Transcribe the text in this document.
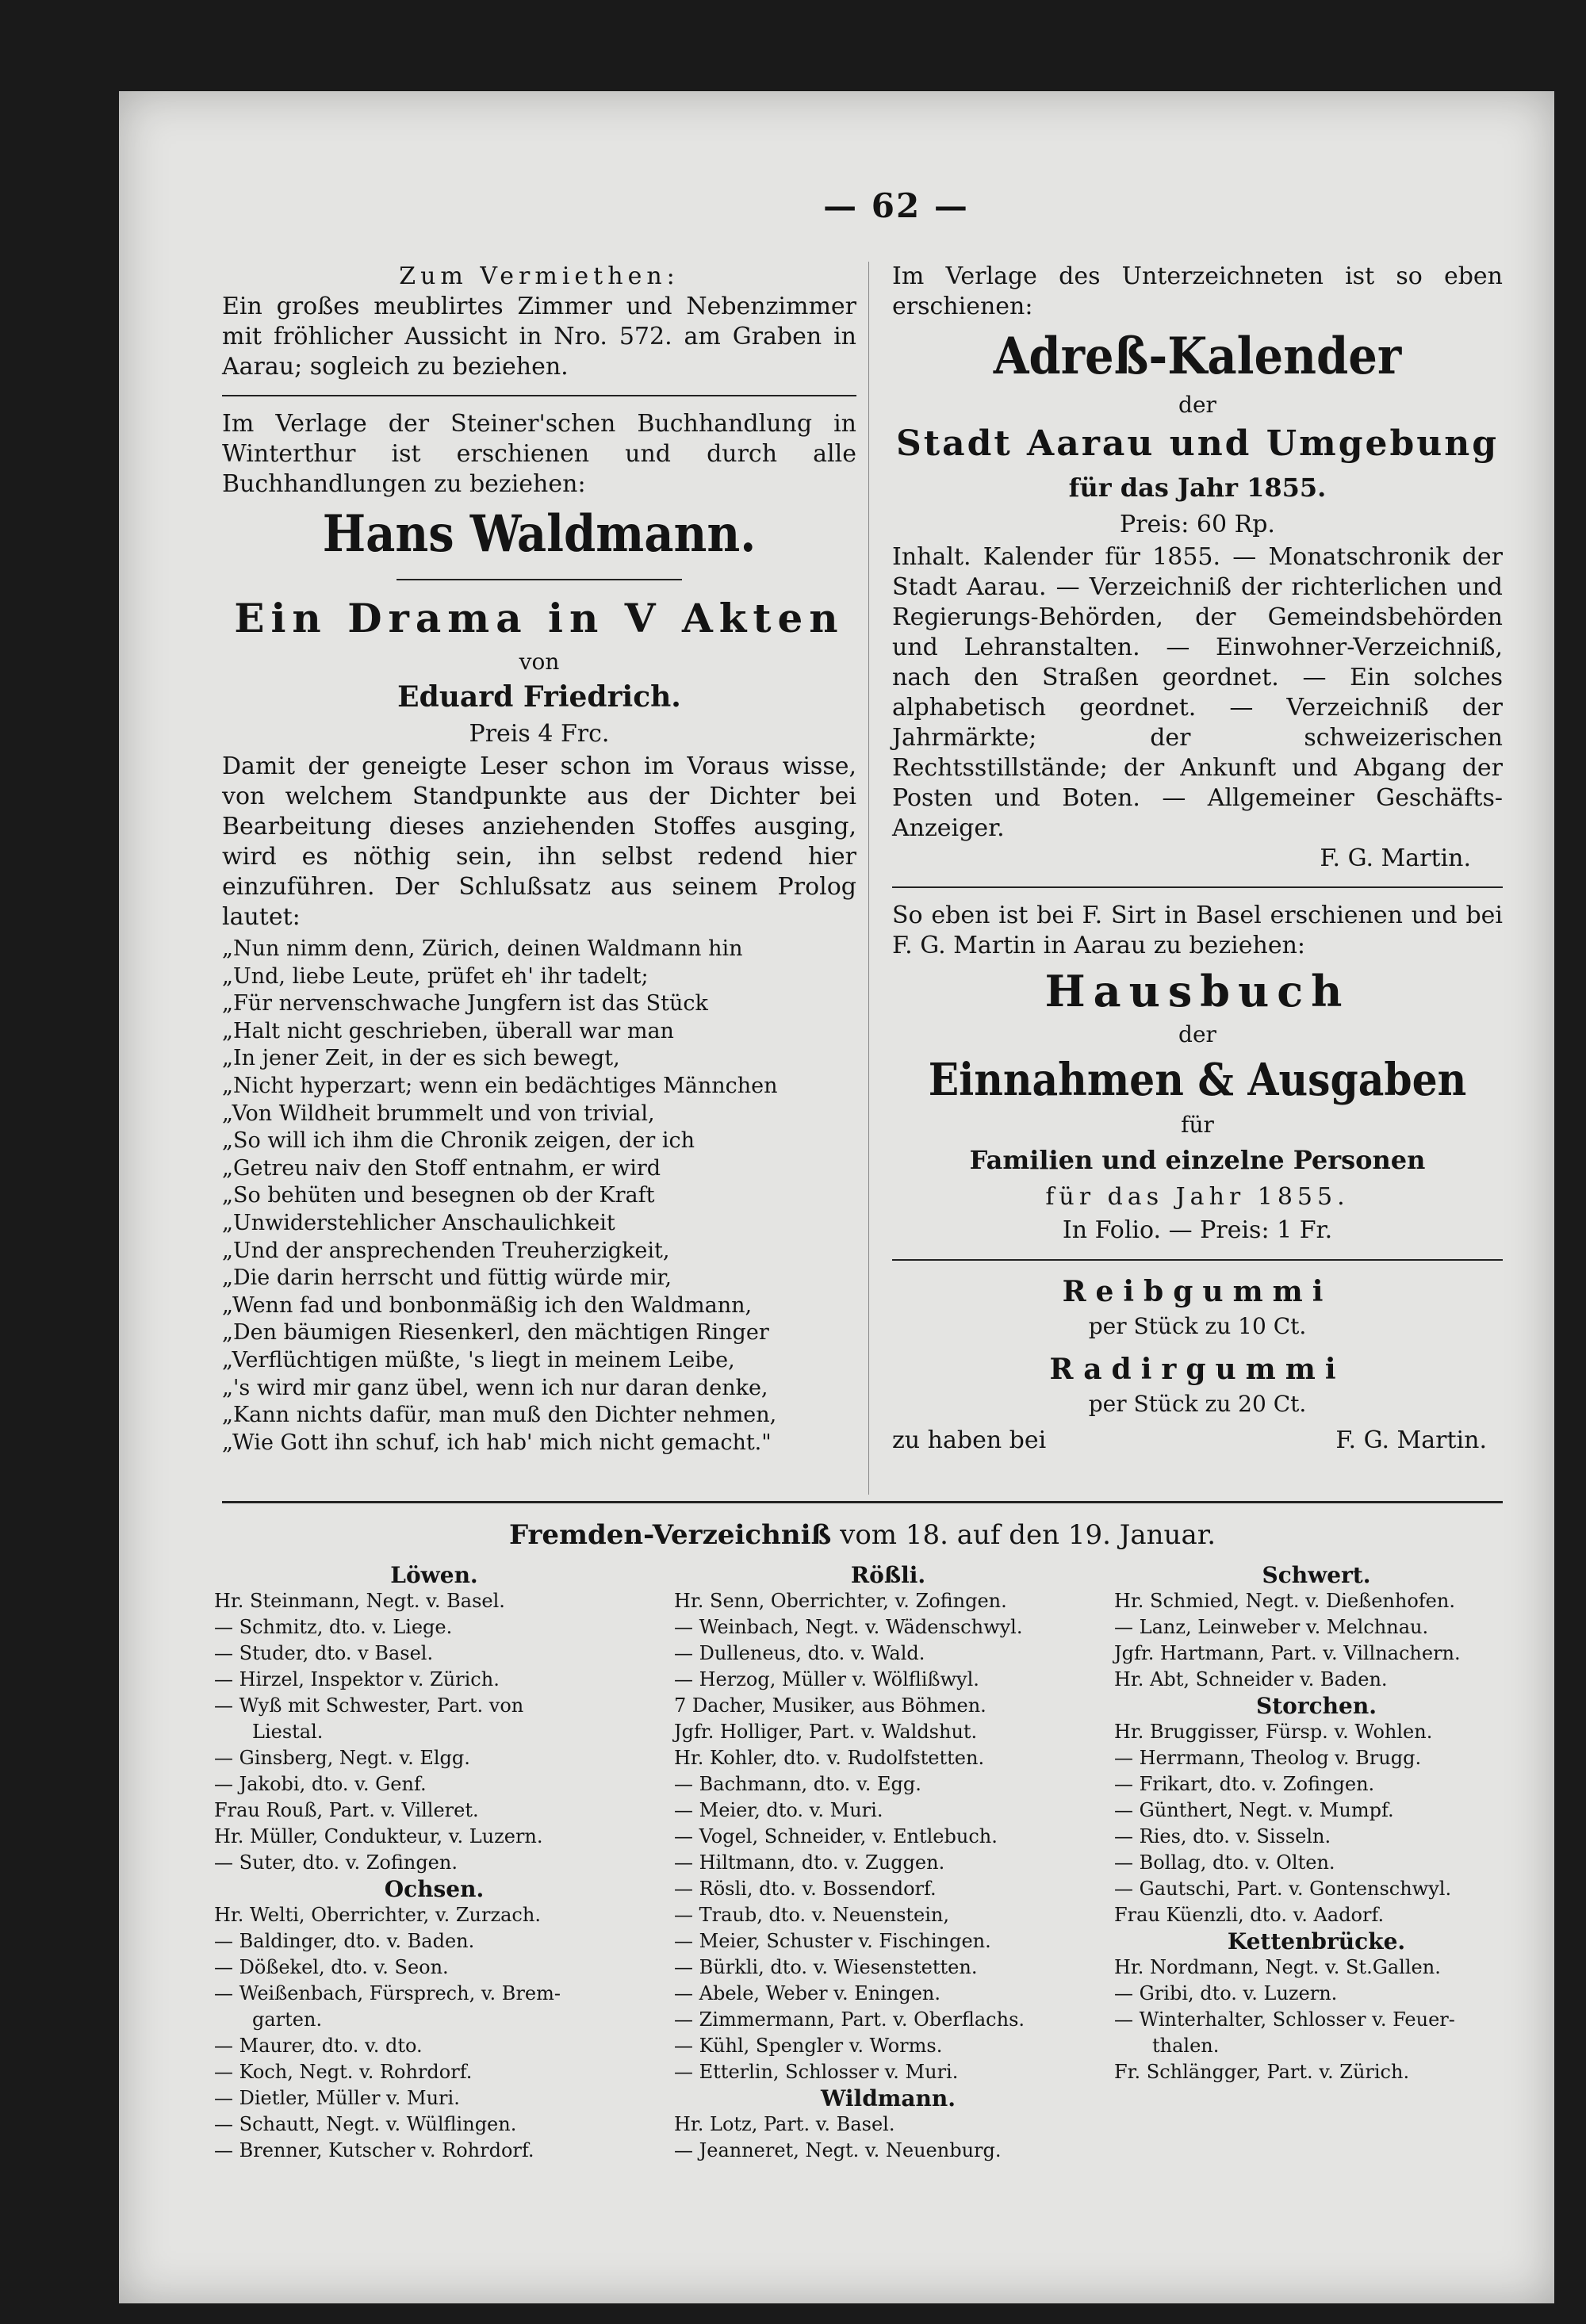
— 62 —
Zum Vermiethen:

Ein großes meublirtes Zimmer und Nebenzimmer mit fröhlicher Aussicht in Nro. 572. am Graben in Aarau; sogleich zu beziehen.

Im Verlage der Steiner'schen Buchhandlung in Winterthur ist erschienen und durch alle Buchhandlungen zu beziehen:

Hans Waldmann.
Ein Drama in V Akten
von
Eduard Friedrich.
Preis 4 Frc.

Damit der geneigte Leser schon im Voraus wisse, von welchem Standpunkte aus der Dichter bei Bearbeitung dieses anziehenden Stoffes ausging, wird es nöthig sein, ihn selbst redend hier einzuführen. Der Schlußsatz aus seinem Prolog lautet:

„Nun nimm denn, Zürich, deinen Waldmann hin
„Und, liebe Leute, prüfet eh' ihr tadelt;
„Für nervenschwache Jungfern ist das Stück
„Halt nicht geschrieben, überall war man
„In jener Zeit, in der es sich bewegt,
„Nicht hyperzart; wenn ein bedächtiges Männchen
„Von Wildheit brummelt und von trivial,
„So will ich ihm die Chronik zeigen, der ich
„Getreu naiv den Stoff entnahm, er wird
„So behüten und besegnen ob der Kraft
„Unwiderstehlicher Anschaulichkeit
„Und der ansprechenden Treuherzigkeit,
„Die darin herrscht und füttig würde mir,
„Wenn fad und bonbonmäßig ich den Waldmann,
„Den bäumigen Riesenkerl, den mächtigen Ringer
„Verflüchtigen müßte, 's liegt in meinem Leibe,
„'s wird mir ganz übel, wenn ich nur daran denke,
„Kann nichts dafür, man muß den Dichter nehmen,
„Wie Gott ihn schuf, ich hab' mich nicht gemacht."

Im Verlage des Unterzeichneten ist so eben erschienen:

Adreß-Kalender
der
Stadt Aarau und Umgebung
für das Jahr 1855.
Preis: 60 Rp.

Inhalt. Kalender für 1855. — Monatschronik der Stadt Aarau. — Verzeichniß der richterlichen und Regierungs-Behörden, der Gemeindsbehörden und Lehranstalten. — Einwohner-Verzeichniß, nach den Straßen geordnet. — Ein solches alphabetisch geordnet. — Verzeichniß der Jahrmärkte; der schweizerischen Rechtsstillstände; der Ankunft und Abgang der Posten und Boten. — Allgemeiner Geschäfts-Anzeiger.

F. G. Martin.

So eben ist bei F. Sirt in Basel erschienen und bei F. G. Martin in Aarau zu beziehen:

Hausbuch
der
Einnahmen & Ausgaben
für
Familien und einzelne Personen
für das Jahr 1855.
In Folio. — Preis: 1 Fr.
Reibgummi
per Stück zu 10 Ct.
Radirgummi
per Stück zu 20 Ct.
zu haben bei	F. G. Martin.
Fremden-Verzeichniß vom 18. auf den 19. Januar.
Löwen.
Hr. Steinmann, Negt. v. Basel.
— Schmitz, dto. v. Liege.
— Studer, dto. v Basel.
— Hirzel, Inspektor v. Zürich.
— Wyß mit Schwester, Part. von
Liestal.
— Ginsberg, Negt. v. Elgg.
— Jakobi, dto. v. Genf.
Frau Rouß, Part. v. Villeret.
Hr. Müller, Condukteur, v. Luzern.
— Suter, dto. v. Zofingen.
Ochsen.
Hr. Welti, Oberrichter, v. Zurzach.
— Baldinger, dto. v. Baden.
— Dößekel, dto. v. Seon.
— Weißenbach, Fürsprech, v. Brem-
garten.
— Maurer, dto. v. dto.
— Koch, Negt. v. Rohrdorf.
— Dietler, Müller v. Muri.
— Schautt, Negt. v. Wülflingen.
— Brenner, Kutscher v. Rohrdorf.
Rößli.
Hr. Senn, Oberrichter, v. Zofingen.
— Weinbach, Negt. v. Wädenschwyl.
— Dulleneus, dto. v. Wald.
— Herzog, Müller v. Wölflißwyl.
7 Dacher, Musiker, aus Böhmen.
Jgfr. Holliger, Part. v. Waldshut.
Hr. Kohler, dto. v. Rudolfstetten.
— Bachmann, dto. v. Egg.
— Meier, dto. v. Muri.
— Vogel, Schneider, v. Entlebuch.
— Hiltmann, dto. v. Zuggen.
— Rösli, dto. v. Bossendorf.
— Traub, dto. v. Neuenstein,
— Meier, Schuster v. Fischingen.
— Bürkli, dto. v. Wiesenstetten.
— Abele, Weber v. Eningen.
— Zimmermann, Part. v. Oberflachs.
— Kühl, Spengler v. Worms.
— Etterlin, Schlosser v. Muri.
Wildmann.
Hr. Lotz, Part. v. Basel.
— Jeanneret, Negt. v. Neuenburg.
Schwert.
Hr. Schmied, Negt. v. Dießenhofen.
— Lanz, Leinweber v. Melchnau.
Jgfr. Hartmann, Part. v. Villnachern.
Hr. Abt, Schneider v. Baden.
Storchen.
Hr. Bruggisser, Fürsp. v. Wohlen.
— Herrmann, Theolog v. Brugg.
— Frikart, dto. v. Zofingen.
— Günthert, Negt. v. Mumpf.
— Ries, dto. v. Sisseln.
— Bollag, dto. v. Olten.
— Gautschi, Part. v. Gontenschwyl.
Frau Küenzli, dto. v. Aadorf.
Kettenbrücke.
Hr. Nordmann, Negt. v. St.Gallen.
— Gribi, dto. v. Luzern.
— Winterhalter, Schlosser v. Feuer-
thalen.
Fr. Schlängger, Part. v. Zürich.
